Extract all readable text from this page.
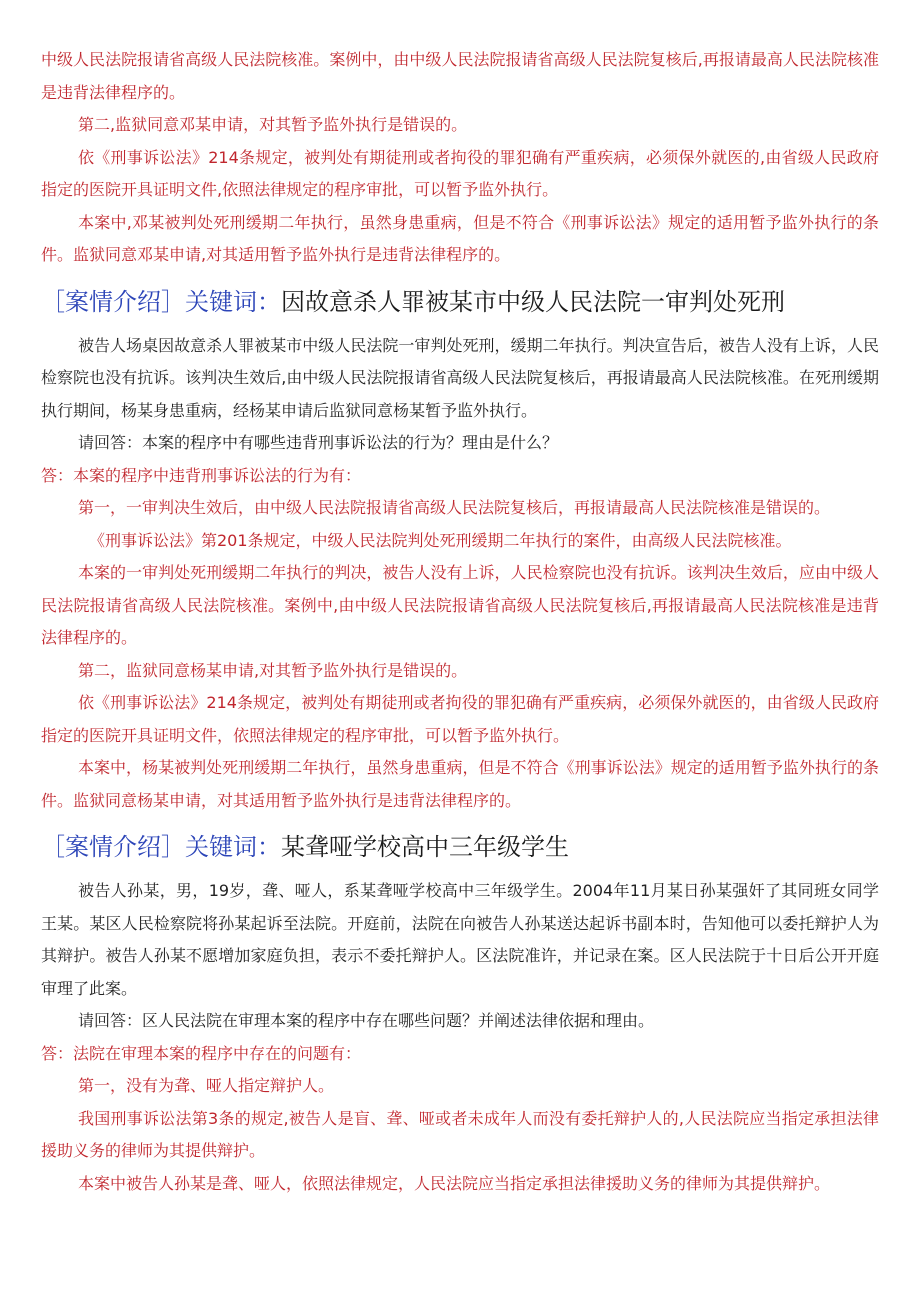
中级人民法院报请省高级人民法院核准。案例中，由中级人民法院报请省高级人民法院复核后,再报请最高人民法院核准是违背法律程序的。

第二,监狱同意邓某申请，对其暂予监外执行是错误的。

依《刑事诉讼法》214条规定，被判处有期徒刑或者拘役的罪犯确有严重疾病，必须保外就医的,由省级人民政府指定的医院开具证明文件,依照法律规定的程序审批，可以暂予监外执行。

本案中,邓某被判处死刑缓期二年执行，虽然身患重病，但是不符合《刑事诉讼法》规定的适用暂予监外执行的条件。监狱同意邓某申请,对其适用暂予监外执行是违背法律程序的。

［案情介绍］关键词：因故意杀人罪被某市中级人民法院一审判处死刑

被告人场桌因故意杀人罪被某市中级人民法院一审判处死刑，缓期二年执行。判决宣告后，被告人没有上诉，人民检察院也没有抗诉。该判决生效后,由中级人民法院报请省高级人民法院复核后，再报请最高人民法院核准。在死刑缓期执行期间，杨某身患重病，经杨某申请后监狱同意杨某暂予监外执行。

请回答：本案的程序中有哪些违背刑事诉讼法的行为？理由是什么？

答：本案的程序中违背刑事诉讼法的行为有：

第一，一审判决生效后，由中级人民法院报请省高级人民法院复核后，再报请最高人民法院核准是错误的。

《刑事诉讼法》第201条规定，中级人民法院判处死刑缓期二年执行的案件，由高级人民法院核准。

本案的一审判处死刑缓期二年执行的判决，被告人没有上诉，人民检察院也没有抗诉。该判决生效后，应由中级人民法院报请省高级人民法院核准。案例中,由中级人民法院报请省高级人民法院复核后,再报请最高人民法院核准是违背法律程序的。

第二，监狱同意杨某申请,对其暂予监外执行是错误的。

依《刑事诉讼法》214条规定，被判处有期徒刑或者拘役的罪犯确有严重疾病，必须保外就医的，由省级人民政府指定的医院开具证明文件，依照法律规定的程序审批，可以暂予监外执行。

本案中，杨某被判处死刑缓期二年执行，虽然身患重病，但是不符合《刑事诉讼法》规定的适用暂予监外执行的条件。监狱同意杨某申请，对其适用暂予监外执行是违背法律程序的。

［案情介绍］关键词：某聋哑学校高中三年级学生

被告人孙某，男，19岁，聋、哑人，系某聋哑学校高中三年级学生。2004年11月某日孙某强奸了其同班女同学王某。某区人民检察院将孙某起诉至法院。开庭前，法院在向被告人孙某送达起诉书副本时，告知他可以委托辩护人为其辩护。被告人孙某不愿增加家庭负担，表示不委托辩护人。区法院准许，并记录在案。区人民法院于十日后公开开庭审理了此案。

请回答：区人民法院在审理本案的程序中存在哪些问题？并阐述法律依据和理由。

答：法院在审理本案的程序中存在的问题有：

第一，没有为聋、哑人指定辩护人。

我国刑事诉讼法第3条的规定,被告人是盲、聋、哑或者未成年人而没有委托辩护人的,人民法院应当指定承担法律援助义务的律师为其提供辩护。

本案中被告人孙某是聋、哑人，依照法律规定，人民法院应当指定承担法律援助义务的律师为其提供辩护。
